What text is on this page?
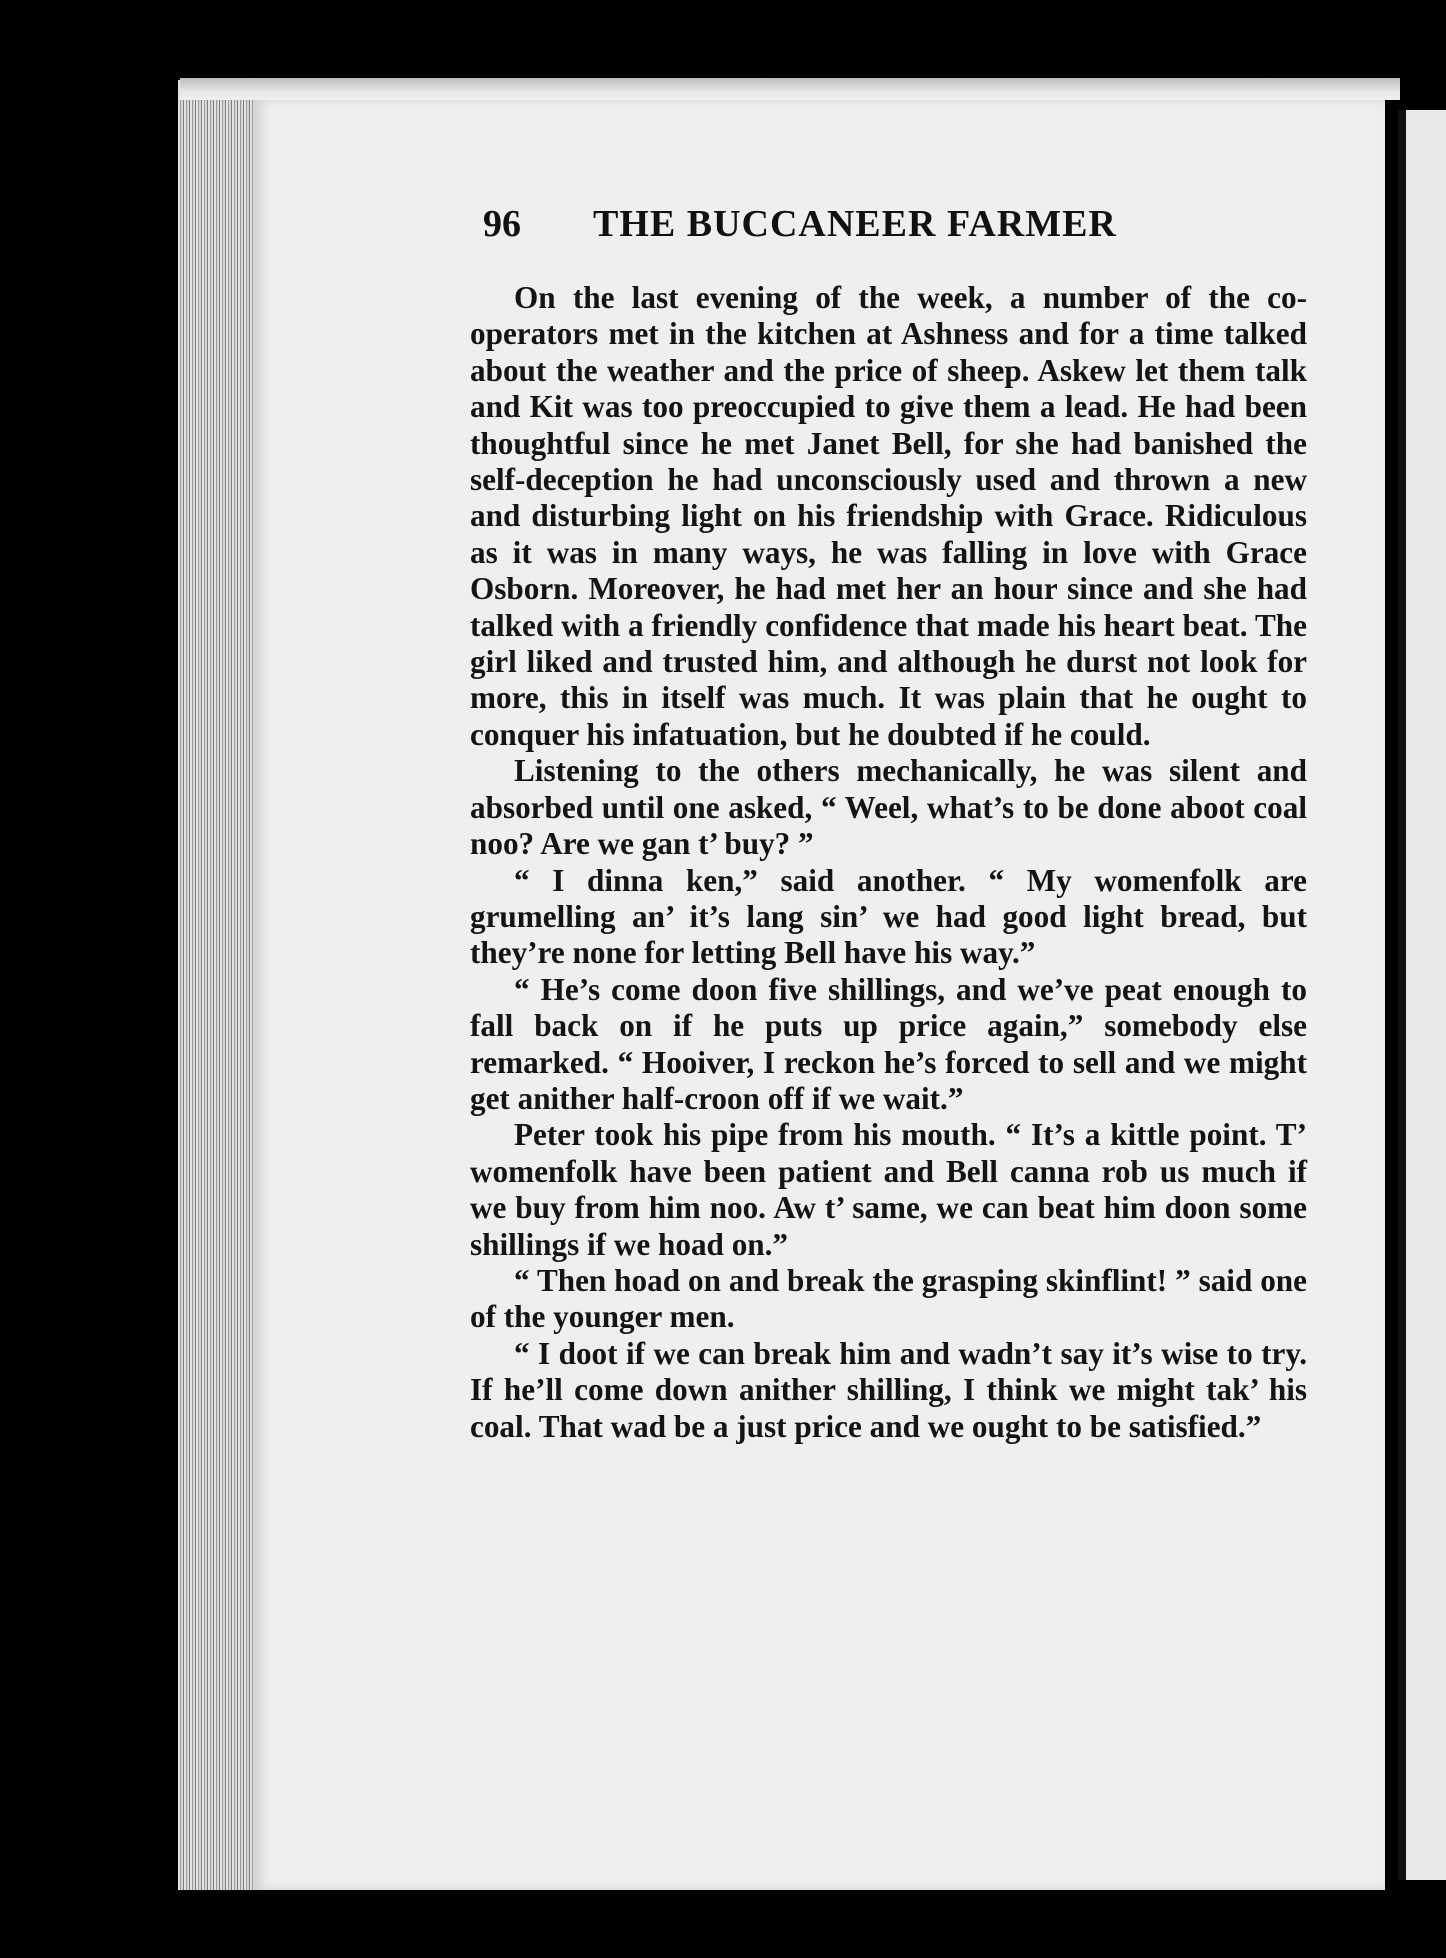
96 THE BUCCANEER FARMER

On the last evening of the week, a number of the co-operators met in the kitchen at Ashness and for a time talked about the weather and the price of sheep. Askew let them talk and Kit was too preoccupied to give them a lead. He had been thoughtful since he met Janet Bell, for she had banished the self-deception he had unconsciously used and thrown a new and disturbing light on his friendship with Grace. Ridiculous as it was in many ways, he was falling in love with Grace Osborn. Moreover, he had met her an hour since and she had talked with a friendly confidence that made his heart beat. The girl liked and trusted him, and although he durst not look for more, this in itself was much. It was plain that he ought to conquer his infatuation, but he doubted if he could.

Listening to the others mechanically, he was silent and absorbed until one asked, “ Weel, what’s to be done aboot coal noo? Are we gan t’ buy? ”

“ I dinna ken,” said another. “ My womenfolk are grumelling an’ it’s lang sin’ we had good light bread, but they’re none for letting Bell have his way.”

“ He’s come doon five shillings, and we’ve peat enough to fall back on if he puts up price again,” somebody else remarked. “ Hooiver, I reckon he’s forced to sell and we might get anither half-croon off if we wait.”

Peter took his pipe from his mouth. “ It’s a kittle point. T’ womenfolk have been patient and Bell canna rob us much if we buy from him noo. Aw t’ same, we can beat him doon some shillings if we hoad on.”

“ Then hoad on and break the grasping skinflint! ” said one of the younger men.

“ I doot if we can break him and wadn’t say it’s wise to try. If he’ll come down anither shilling, I think we might tak’ his coal. That wad be a just price and we ought to be satisfied.”
